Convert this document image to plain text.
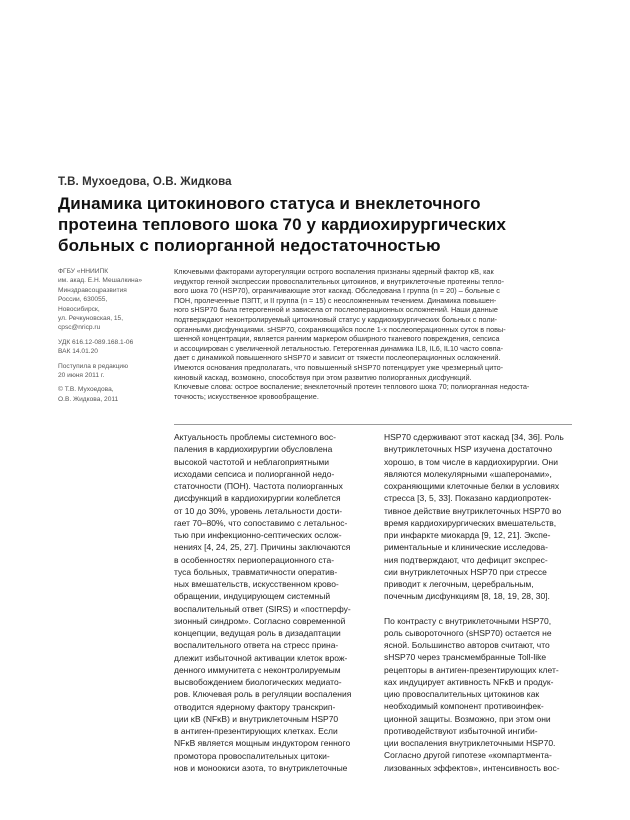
Т.В. Мухоедова, О.В. Жидкова
Динамика цитокинового статуса и внеклеточного
протеина теплового шока 70 у кардиохирургических
больных с полиорганной недостаточностью
ФГБУ «ННИИПК
им. акад. Е.Н. Мешалкина»
Минздравсоцразвития
России, 630055,
Новосибирск,
ул. Речкуновская, 15,
cpsc@nricp.ru
УДК 616.12-089.168.1-06
ВАК 14.01.20
Поступила в редакцию
20 июня 2011 г.
© Т.В. Мухоедова,
О.В. Жидкова, 2011
Ключевыми факторами ауторегуляции острого воспаления признаны ядерный фактор κB, как
индуктор генной экспрессии провоспалительных цитокинов, и внутриклеточные протеины тепло-
вого шока 70 (HSP70), ограничивающие этот каскад. Обследована I группа (n = 20) – больные с
ПОН, пролеченные ПЗПТ, и II группа (n = 15) с неосложненным течением. Динамика повышен-
ного sHSP70 была гетерогенной и зависела от послеоперационных осложнений. Наши данные
подтверждают неконтролируемый цитокиновый статус у кардиохирургических больных с поли-
органными дисфункциями. sHSP70, сохраняющийся после 1-х послеоперационных суток в повы-
шенной концентрации, является ранним маркером обширного тканевого повреждения, сепсиса
и ассоциирован с увеличенной летальностью. Гетерогенная динамика IL8, IL6, IL10 часто совпа-
дает с динамикой повышенного sHSP70 и зависит от тяжести послеоперационных осложнений.
Имеются основания предполагать, что повышенный sHSP70 потенцирует уже чрезмерный цито-
киновый каскад, возможно, способствуя при этом развитию полиорганных дисфункций.
Ключевые слова: острое воспаление; внеклеточный протеин теплового шока 70; полиорганная недоста-
точность; искусственное кровообращение.
Актуальность проблемы системного вос-
паления в кардиохирургии обусловлена
высокой частотой и неблагоприятными
исходами сепсиса и полиорганной недо-
статочности (ПОН). Частота полиорганных
дисфункций в кардиохирургии колеблется
от 10 до 30%, уровень летальности дости-
гает 70–80%, что сопоставимо с летальнос-
тью при инфекционно-септических ослож-
нениях [4, 24, 25, 27]. Причины заключаются
в особенностях периоперационного ста-
туса больных, травматичности оператив-
ных вмешательств, искусственном крово-
обращении, индуцирующем системный
воспалительный ответ (SIRS) и «постперфу-
зионный синдром». Согласно современной
концепции, ведущая роль в дизадаптации
воспалительного ответа на стресс прина-
длежит избыточной активации клеток врож-
денного иммунитета с неконтролируемым
высвобождением биологических медиато-
ров. Ключевая роль в регуляции воспаления
отводится ядерному фактору транскрип-
ции κB (NFκB) и внутриклеточным HSP70
в антиген-презентирующих клетках. Если
NFκB является мощным индуктором генного
промотора провоспалительных цитоки-
нов и моноокиси азота, то внутриклеточные
HSP70 сдерживают этот каскад [34, 36]. Роль
внутриклеточных HSP изучена достаточно
хорошо, в том числе в кардиохирургии. Они
являются молекулярными «шаперонами»,
сохраняющими клеточные белки в условиях
стресса [3, 5, 33]. Показано кардиопротек-
тивное действие внутриклеточных HSP70 во
время кардиохирургических вмешательств,
при инфаркте миокарда [9, 12, 21]. Экспе-
риментальные и клинические исследова-
ния подтверждают, что дефицит экспрес-
сии внутриклеточных HSP70 при стрессе
приводит к легочным, церебральным,
почечным дисфункциям [8, 18, 19, 28, 30].
По контрасту с внутриклеточными HSP70,
роль сывороточного (sHSP70) остается не
ясной. Большинство авторов считают, что
sHSP70 через трансмембранные Toll-like
рецепторы в антиген-презентирующих клет-
ках индуцирует активность NFκB и продук-
цию провоспалительных цитокинов как
необходимый компонент противоинфек-
ционной защиты. Возможно, при этом они
противодействуют избыточной ингиби-
ции воспаления внутриклеточными HSP70.
Согласно другой гипотезе «компартмента-
лизованных эффектов», интенсивность вос-
